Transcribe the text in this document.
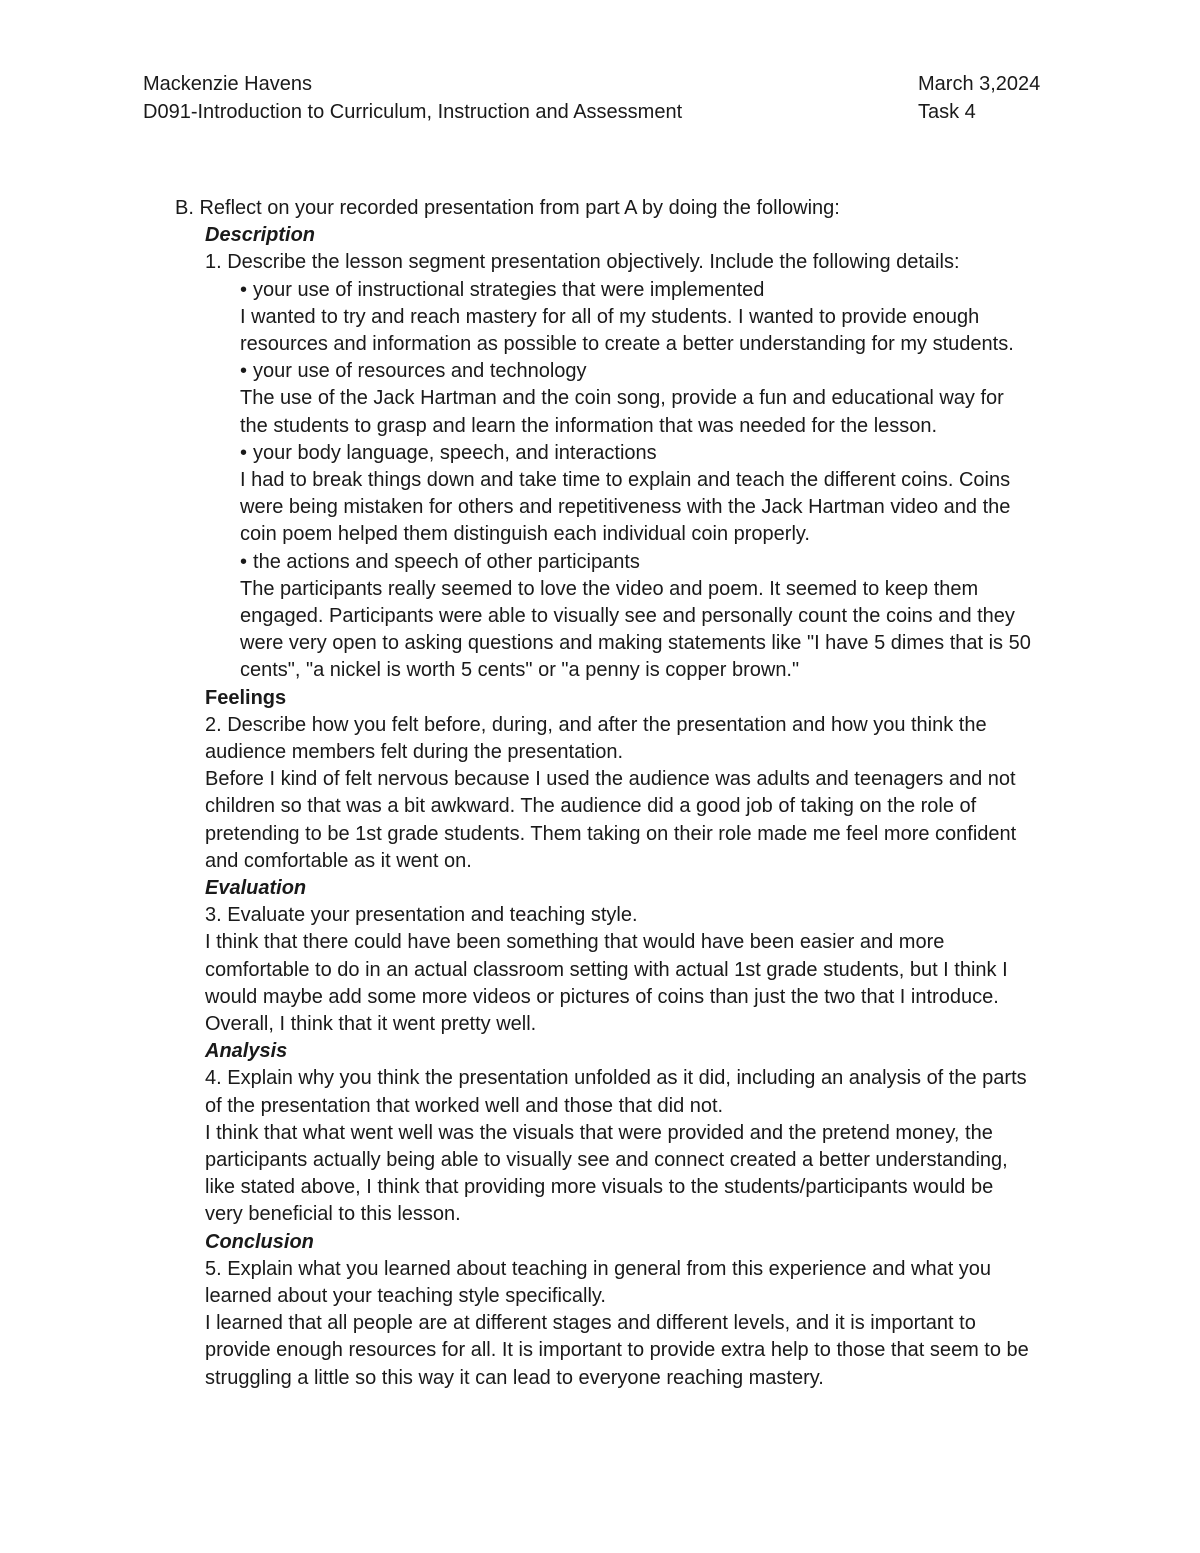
Mackenzie Havens
D091-Introduction to Curriculum, Instruction and Assessment
March 3,2024
Task 4
B. Reflect on your recorded presentation from part A by doing the following:
Description
1. Describe the lesson segment presentation objectively. Include the following details:
• your use of instructional strategies that were implemented
I wanted to try and reach mastery for all of my students. I wanted to provide enough
resources and information as possible to create a better understanding for my students.
• your use of resources and technology
The use of the Jack Hartman and the coin song, provide a fun and educational way for
the students to grasp and learn the information that was needed for the lesson.
• your body language, speech, and interactions
I had to break things down and take time to explain and teach the different coins. Coins
were being mistaken for others and repetitiveness with the Jack Hartman video and the
coin poem helped them distinguish each individual coin properly.
• the actions and speech of other participants
The participants really seemed to love the video and poem. It seemed to keep them
engaged. Participants were able to visually see and personally count the coins and they
were very open to asking questions and making statements like "I have 5 dimes that is 50
cents", "a nickel is worth 5 cents" or "a penny is copper brown."
Feelings
2. Describe how you felt before, during, and after the presentation and how you think the
audience members felt during the presentation.
Before I kind of felt nervous because I used the audience was adults and teenagers and not
children so that was a bit awkward. The audience did a good job of taking on the role of
pretending to be 1st grade students. Them taking on their role made me feel more confident
and comfortable as it went on.
Evaluation
3. Evaluate your presentation and teaching style.
I think that there could have been something that would have been easier and more
comfortable to do in an actual classroom setting with actual 1st grade students, but I think I
would maybe add some more videos or pictures of coins than just the two that I introduce.
Overall, I think that it went pretty well.
Analysis
4. Explain why you think the presentation unfolded as it did, including an analysis of the parts
of the presentation that worked well and those that did not.
I think that what went well was the visuals that were provided and the pretend money, the
participants actually being able to visually see and connect created a better understanding,
like stated above, I think that providing more visuals to the students/participants would be
very beneficial to this lesson.
Conclusion
5. Explain what you learned about teaching in general from this experience and what you
learned about your teaching style specifically.
I learned that all people are at different stages and different levels, and it is important to
provide enough resources for all. It is important to provide extra help to those that seem to be
struggling a little so this way it can lead to everyone reaching mastery.
